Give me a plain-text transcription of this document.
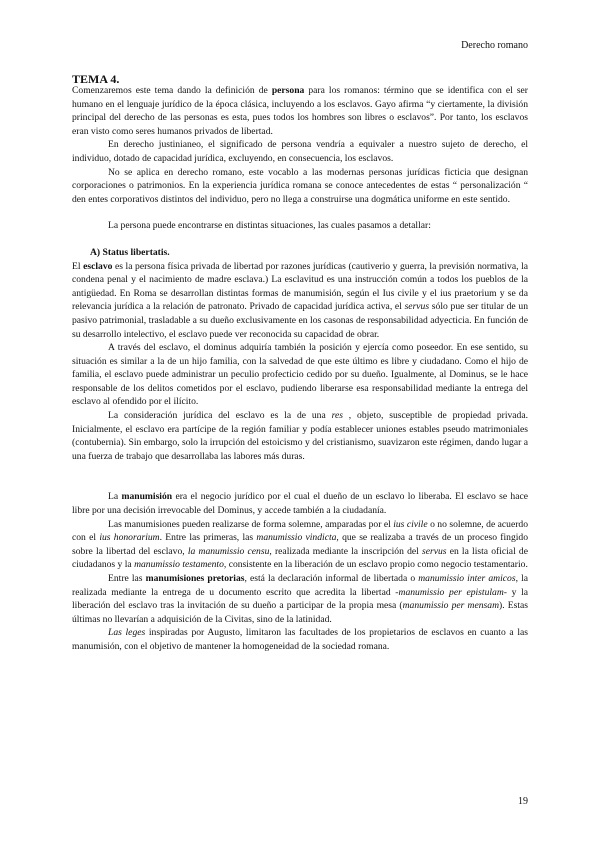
Derecho romano
TEMA 4.

Comenzaremos este tema dando la definición de persona para los romanos: término que se identifica con el ser humano en el lenguaje jurídico de la época clásica, incluyendo a los esclavos. Gayo afirma “y ciertamente, la división principal del derecho de las personas es esta, pues todos los hombres son libres o esclavos”. Por tanto, los esclavos eran visto como seres humanos privados de libertad.

En derecho justinianeo, el significado de persona vendría a equivaler a nuestro sujeto de derecho, el individuo, dotado de capacidad jurídica, excluyendo, en consecuencia, los esclavos.

No se aplica en derecho romano, este vocablo a las modernas personas jurídicas ficticia que designan corporaciones o patrimonios. En la experiencia jurídica romana se conoce antecedentes de estas “ personalización “ den entes corporativos distintos del individuo, pero no llega a construirse una dogmática uniforme en este sentido.

La persona puede encontrarse en distintas situaciones, las cuales pasamos a detallar:

A) Status libertatis.

El esclavo es la persona física privada de libertad por razones jurídicas (cautiverio y guerra, la previsión normativa, la condena penal y el nacimiento de madre esclava.) La esclavitud es una instrucción común a todos los pueblos de la antigüedad. En Roma se desarrollan distintas formas de manumisión, según el Ius civile y el ius praetorium y se da relevancia jurídica a la relación de patronato. Privado de capacidad jurídica activa, el servus sólo pue ser titular de un pasivo patrimonial, trasladable a su dueño exclusivamente en los casonas de responsabilidad adyecticia. En función de su desarrollo intelectivo, el esclavo puede ver reconocida su capacidad de obrar.

A través del esclavo, el dominus adquiría también la posición y ejercía como poseedor. En ese sentido, su situación es similar a la de un hijo familia, con la salvedad de que este último es libre y ciudadano. Como el hijo de familia, el esclavo puede administrar un peculio profecticio cedido por su dueño. Igualmente, al Dominus, se le hace responsable de los delitos cometidos por el esclavo, pudiendo liberarse esa responsabilidad mediante la entrega del esclavo al ofendido por el ilícito.

La consideración jurídica del esclavo es la de una res , objeto, susceptible de propiedad privada. Inicialmente, el esclavo era partícipe de la región familiar y podía establecer uniones estables pseudo matrimoniales (contubernia). Sin embargo, solo la irrupción del estoicismo y del cristianismo, suavizaron este régimen, dando lugar a una fuerza de trabajo que desarrollaba las labores más duras.

La manumisión era el negocio jurídico por el cual el dueño de un esclavo lo liberaba. El esclavo se hace libre por una decisión irrevocable del Dominus, y accede también a la ciudadanía.

Las manumisiones pueden realizarse de forma solemne, amparadas por el ius civile o no solemne, de acuerdo con el ius honorarium. Entre las primeras, las manumissio vindicta, que se realizaba a través de un proceso fingido sobre la libertad del esclavo, la manumissio censu, realizada mediante la inscripción del servus en la lista oficial de ciudadanos y la manumissio testamento, consistente en la liberación de un esclavo propio como negocio testamentario.

Entre las manumisiones pretorias, está la declaración informal de libertada o manumissio inter amicos, la realizada mediante la entrega de u documento escrito que acredita la libertad -manumissio per epistulam- y la liberación del esclavo tras la invitación de su dueño a participar de la propia mesa (manumissio per mensam). Estas últimas no llevarían a adquisición de la Civitas, sino de la latinidad.

Las leges inspiradas por Augusto, limitaron las facultades de los propietarios de esclavos en cuanto a las manumisión, con el objetivo de mantener la homogeneidad de la sociedad romana.

19
